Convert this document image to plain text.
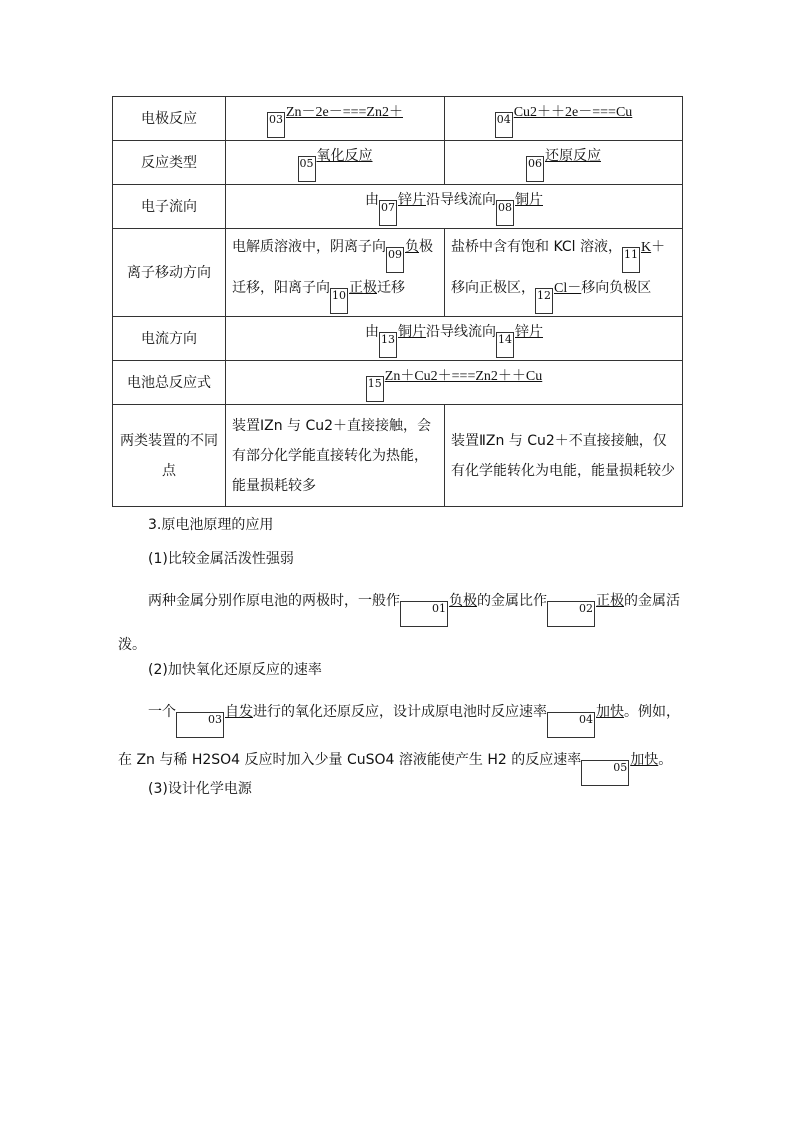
电极反应	03 Zn－2e－===Zn2＋	04 Cu2＋＋2e－===Cu
反应类型	05 氧化反应	06 还原反应
电子流向	由 07 锌片沿导线流向 08 铜片	
离子移动方向	电解质溶液中，阴离子向 09 负极迁移，阳离子向 10 正极迁移	盐桥中含有饱和 KCl 溶液， 11 K＋移向正极区， 12 Cl－移向负极区
电流方向	由 13 铜片沿导线流向 14 锌片	
电池总反应式	15 Zn＋Cu2＋===Zn2＋＋Cu	
两类装置的不同点	装置ⅠZn 与 Cu2＋直接接触，会有部分化学能直接转化为热能，能量损耗较多	装置ⅡZn 与 Cu2＋不直接接触，仅有化学能转化为电能，能量损耗较少

3.原电池原理的应用

(1)比较金属活泼性强弱

两种金属分别作原电池的两极时，一般作	01 负极的金属比作	02 正极的金属活泼。

(2)加快氧化还原反应的速率

一个	03 自发进行的氧化还原反应，设计成原电池时反应速率	04 加快。例如，在 Zn 与稀 H2SO4 反应时加入少量 CuSO4 溶液能使产生 H2 的反应速率	05 加快。

(3)设计化学电源
